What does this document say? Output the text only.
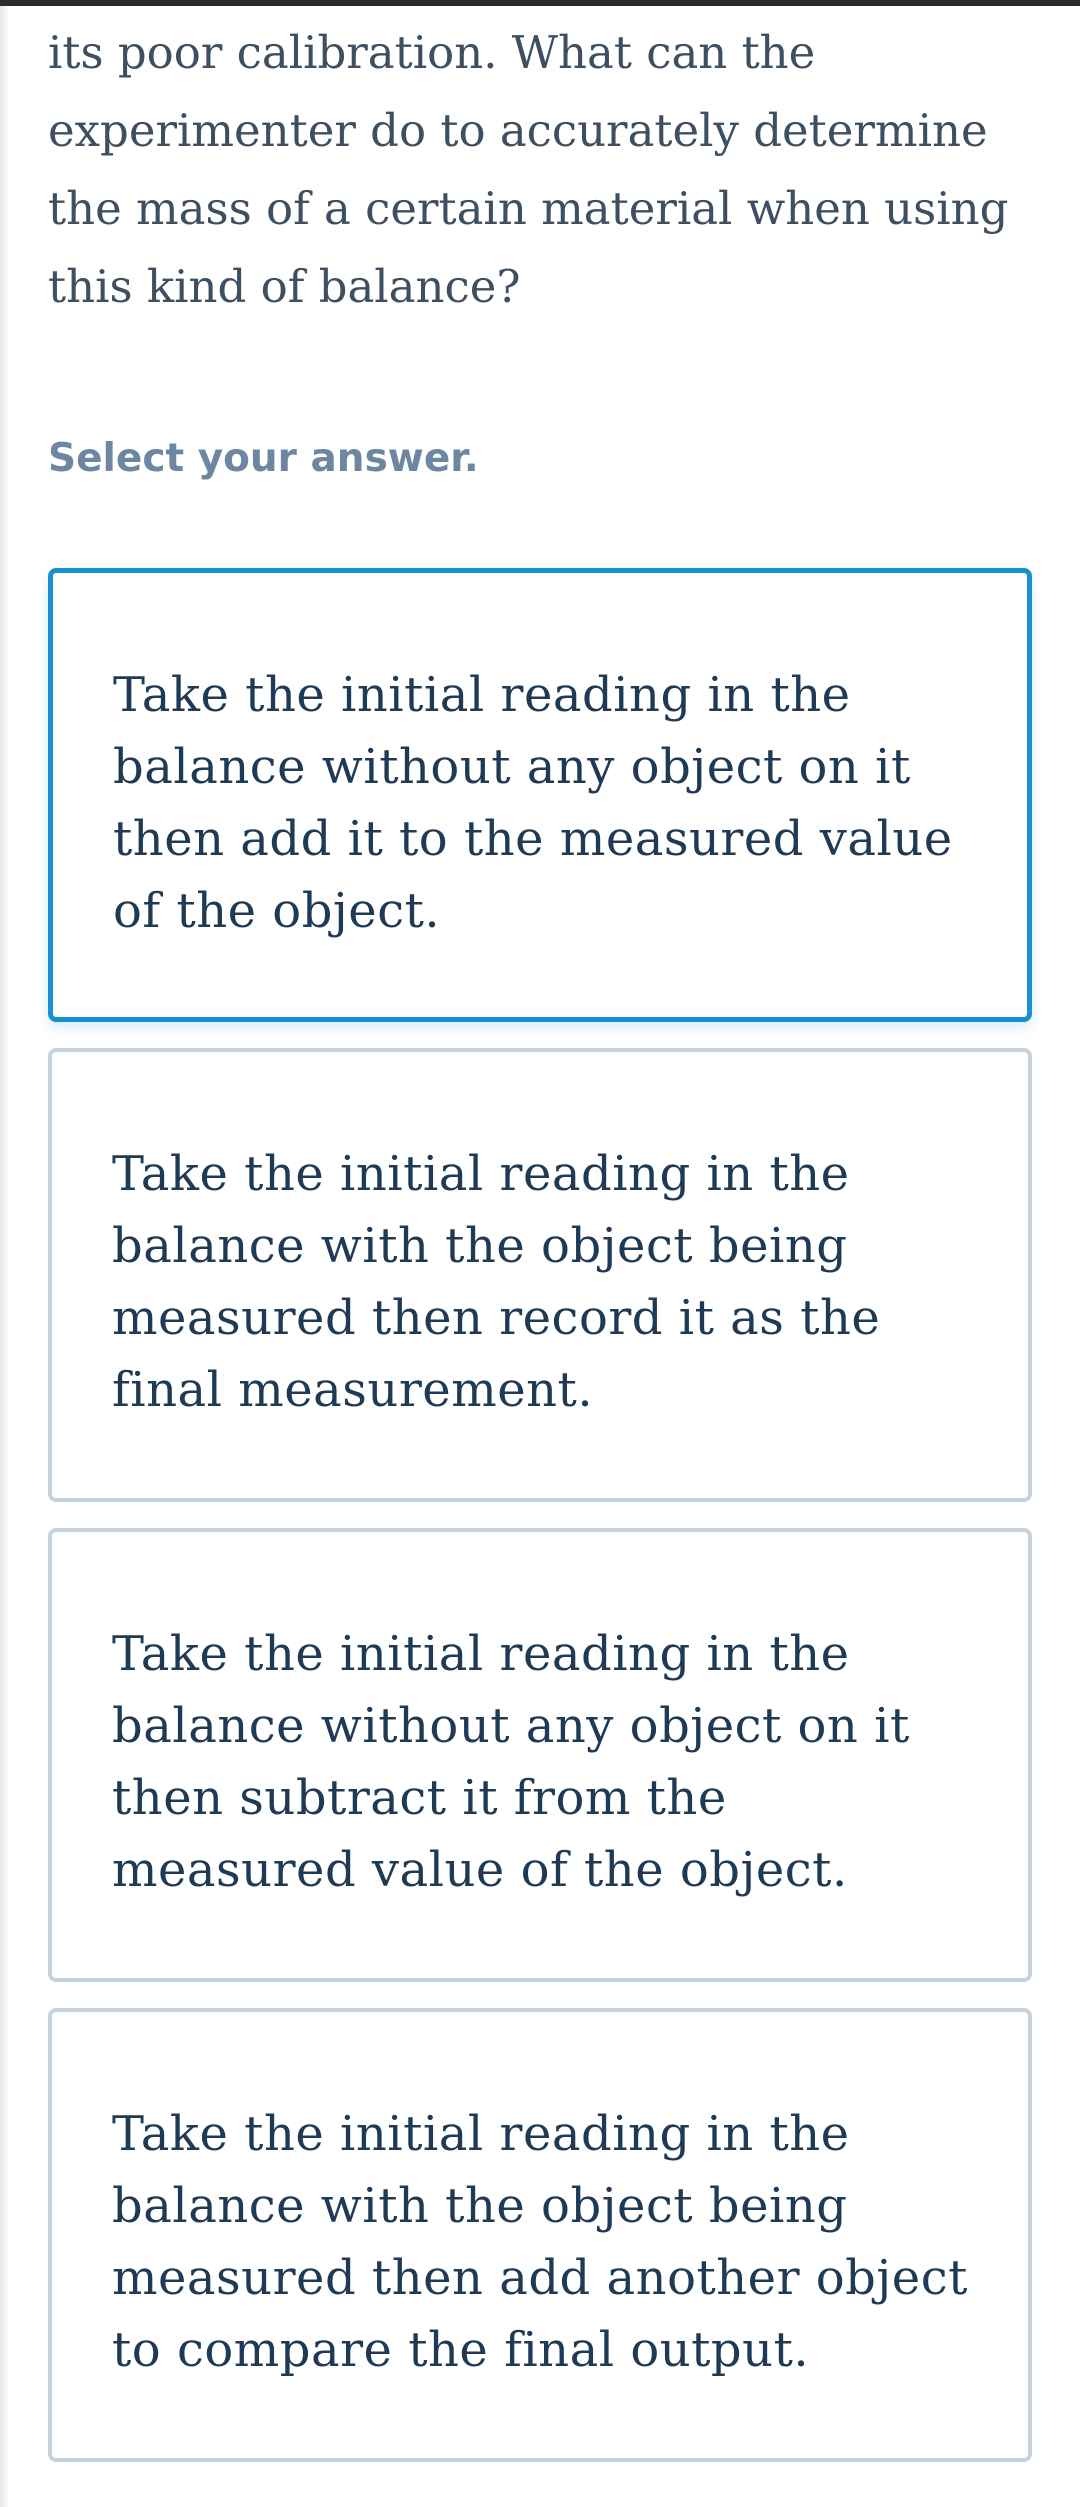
its poor calibration. What can the experimenter do to accurately determine the mass of a certain material when using this kind of balance?

Select your answer.

Take the initial reading in the balance without any object on it then add it to the measured value of the object.
Take the initial reading in the balance with the object being measured then record it as the final measurement.
Take the initial reading in the balance without any object on it then subtract it from the measured value of the object.
Take the initial reading in the balance with the object being measured then add another object to compare the final output.
